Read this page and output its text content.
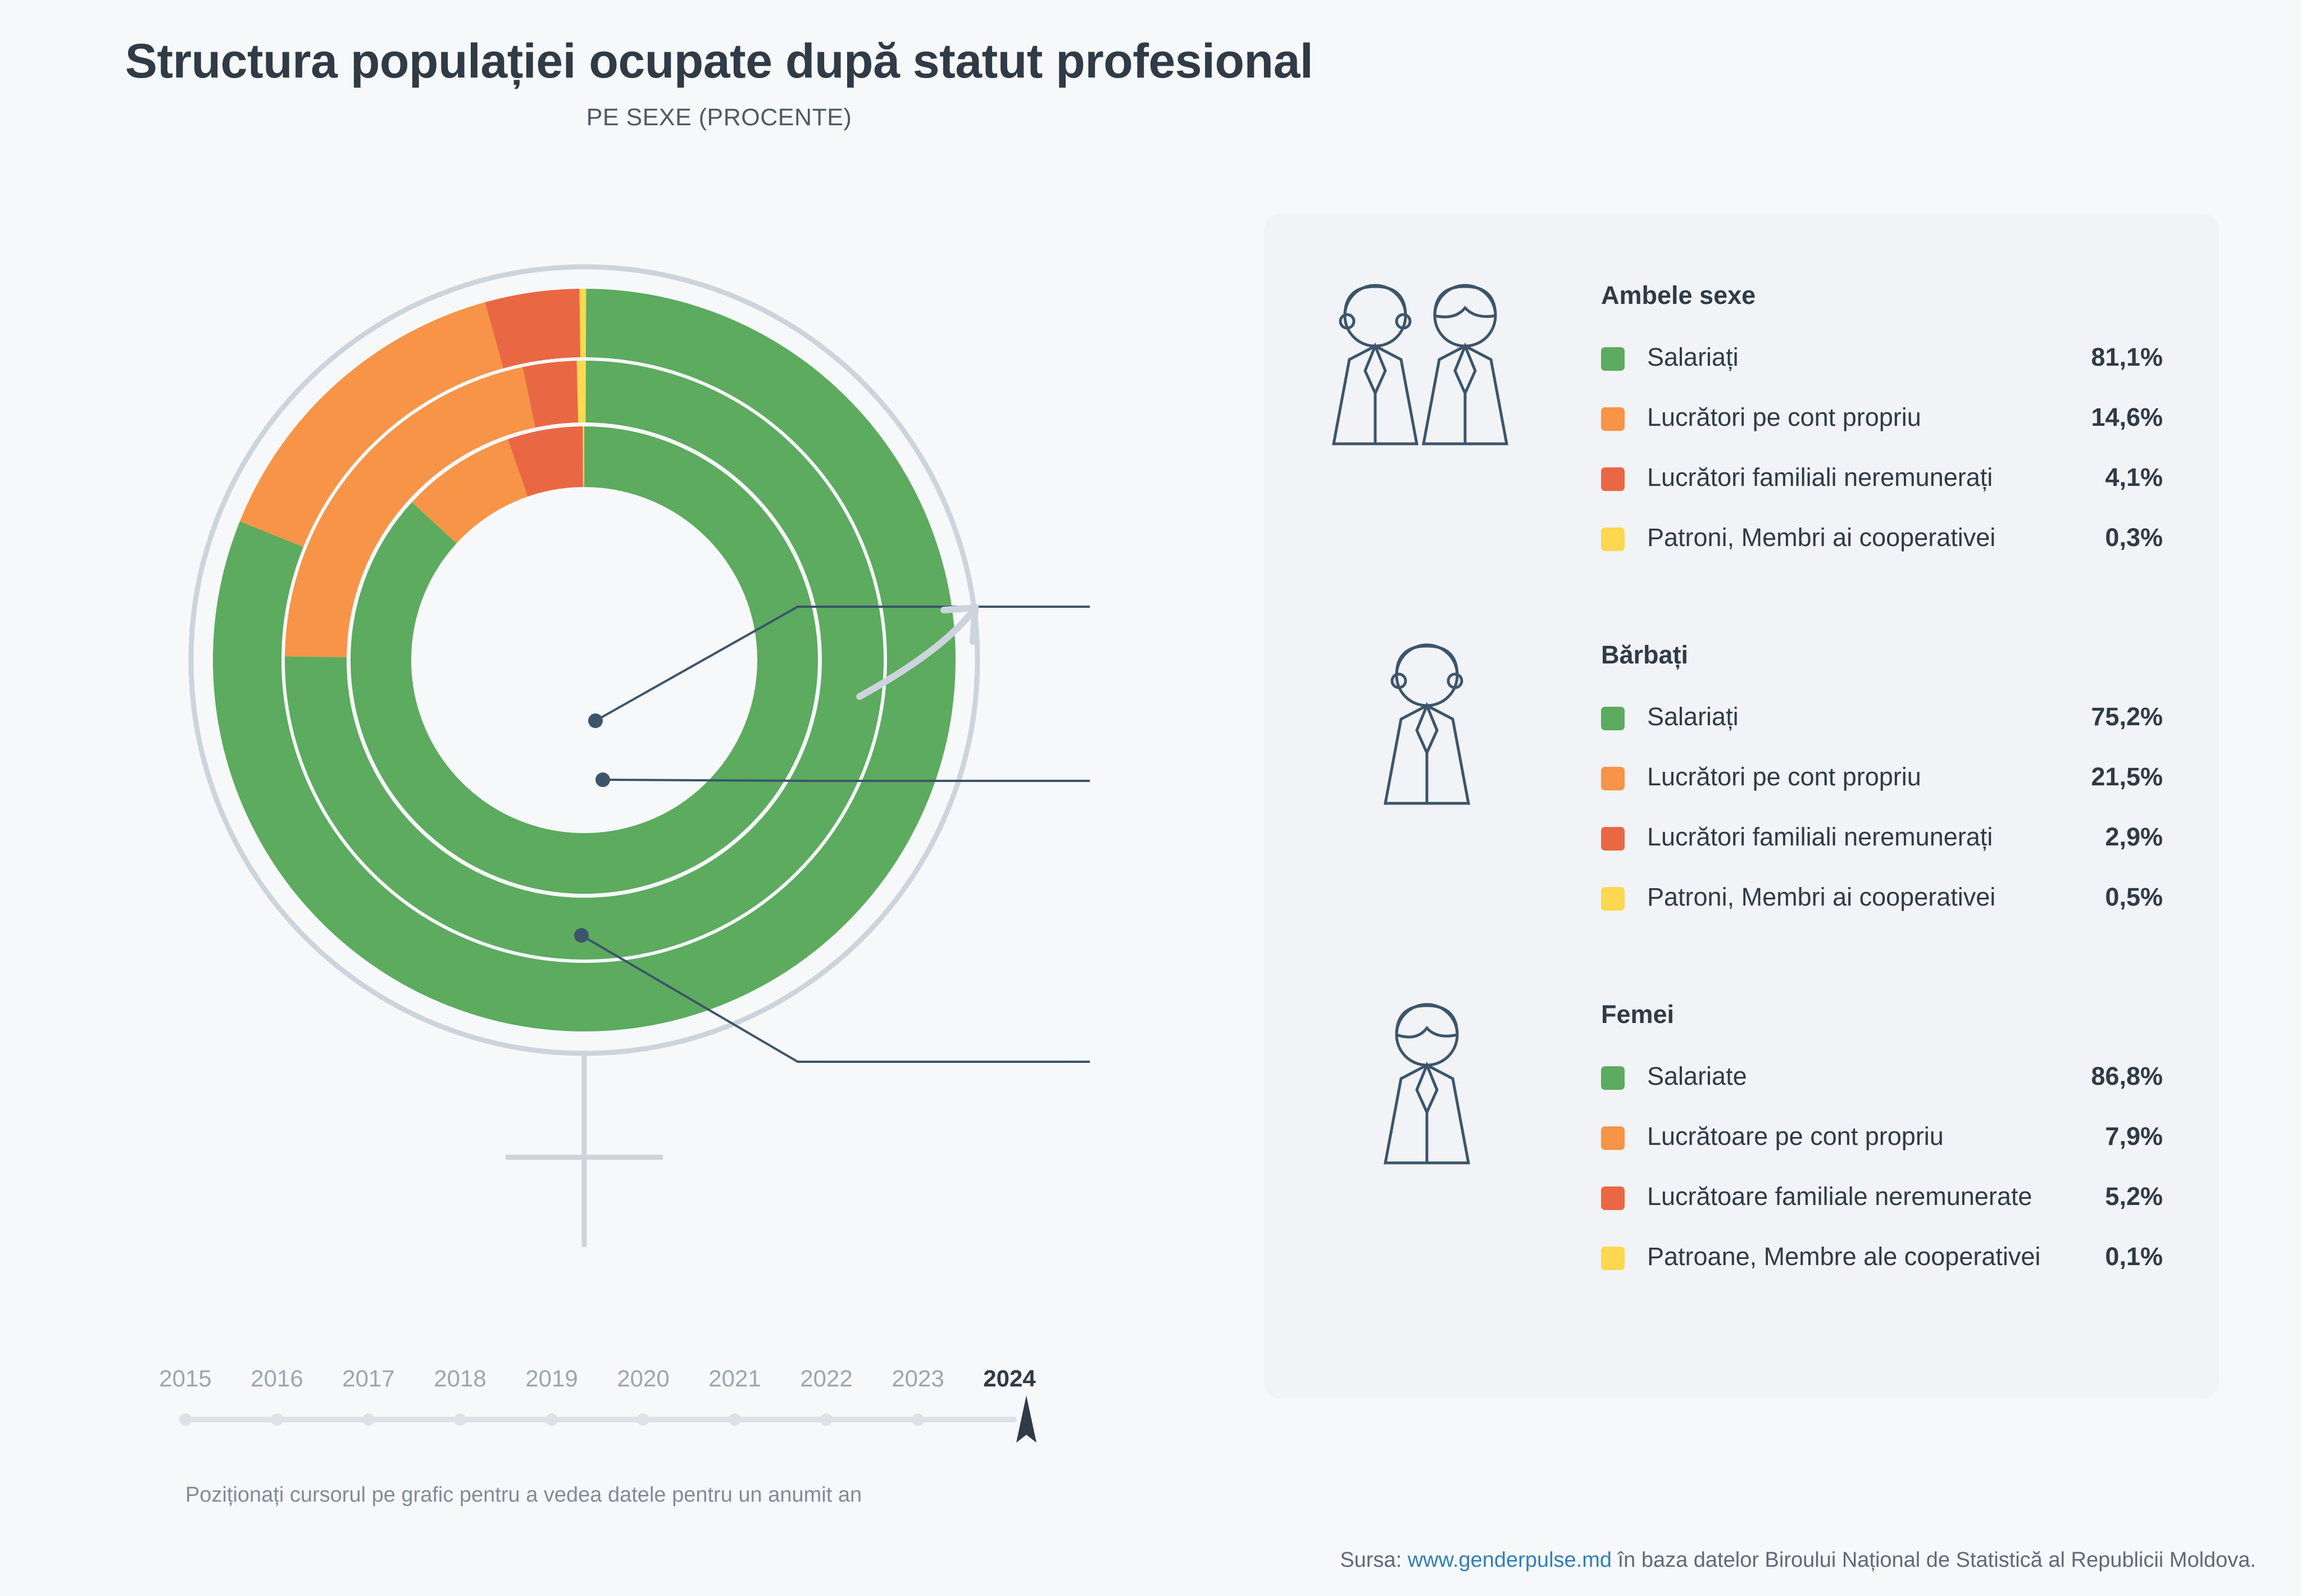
Structura populației ocupate după statut profesional
PE SEXE (PROCENTE)
Ambele sexe
Salariați	81,1%
Lucrători pe cont propriu	14,6%
Lucrători familiali neremunerați	4,1%
Patroni, Membri ai cooperativei	0,3%
Bărbați
Salariați	75,2%
Lucrători pe cont propriu	21,5%
Lucrători familiali neremunerați	2,9%
Patroni, Membri ai cooperativei	0,5%
Femei
Salariate	86,8%
Lucrătoare pe cont propriu	7,9%
Lucrătoare familiale neremunerate	5,2%
Patroane, Membre ale cooperativei	0,1%
2015 2016 2017 2018 2019 2020 2021 2022 2023 2024
Poziționați cursorul pe grafic pentru a vedea datele pentru un anumit an
Sursa: www.genderpulse.md în baza datelor Biroului Național de Statistică al Republicii Moldova.
